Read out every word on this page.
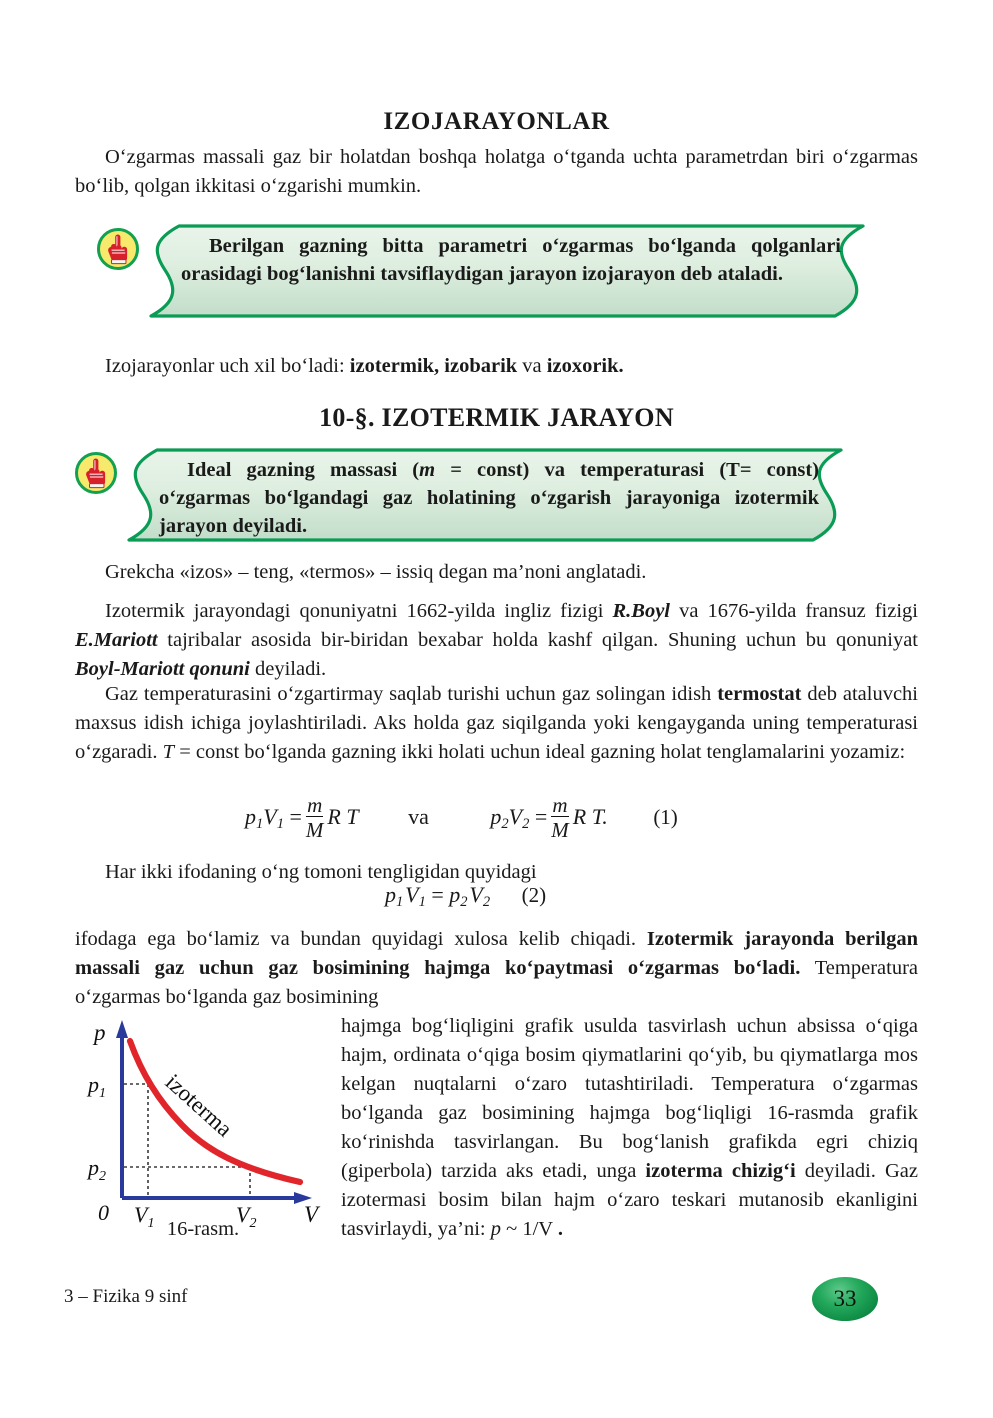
IZOJARAYONLAR
O‘zgarmas massali gaz bir holatdan boshqa holatga o‘tganda uchta parametrdan biri o‘zgarmas bo‘lib, qolgan ikkitasi o‘zgarishi mumkin.
Berilgan gazning bitta parametri o‘zgarmas bo‘lganda qolganlari orasidagi bog‘lanishni tavsiflaydigan jarayon izojarayon deb ataladi.
Izojarayonlar uch xil bo‘ladi: izotermik, izobarik va izoxorik.
10-§. IZOTERMIK JARAYON
Ideal gazning massasi (m = const) va temperaturasi (T= const) o‘zgarmas bo‘lgandagi gaz holatining o‘zgarish jarayoniga izotermik jarayon deyiladi.
Grekcha «izos» – teng, «termos» – issiq degan ma’noni anglatadi.
Izotermik jarayondagi qonuniyatni 1662-yilda ingliz fizigi R.Boyl va 1676-yilda fransuz fizigi E.Mariott tajribalar asosida bir-biridan bexabar holda kashf qilgan. Shuning uchun bu qonuniyat Boyl-Mariott qonuni deyiladi.
Gaz temperaturasini o‘zgartirmay saqlab turishi uchun gaz solingan idish termostat deb ataluvchi maxsus idish ichiga joylashtiriladi. Aks holda gaz siqilganda yoki kengayganda uning temperaturasi o‘zgaradi. T = const bo‘lganda gazning ikki holati uchun ideal gazning holat tenglamalarini yozamiz:
$p_1V_1 = \frac{m}{M}$ R T va	$p_2V_2 = \frac{m}{M}$ R T. (1)
Har ikki ifodaning o‘ng tomoni tengligidan quyidagi
$p_1$ $V_1 = p_2$ $V_2$ (2)
ifodaga ega bo‘lamiz va bundan quyidagi xulosa kelib chiqadi. Izotermik jarayonda berilgan massali gaz uchun gaz bosimining hajmga ko‘paytmasi o‘zgarmas bo‘ladi. Temperatura o‘zgarmas bo‘lganda gaz bosimining
hajmga bog‘liqligini grafik usulda tasvirlash uchun absissa o‘qiga hajm, ordinata o‘qiga bosim qiymatlarini qo‘yib, bu qiymatlarga mos kelgan nuqtalarni o‘zaro tutashtiriladi. Temperatura o‘zgarmas bo‘lganda gaz bosimining hajmga bog‘liqligi 16-rasmda grafik ko‘rinishda tasvirlangan. Bu bog‘lanish grafikda egri chiziq (giperbola) tarzida aks etadi, unga izoterma chizig‘i deyiladi. Gaz izotermasi bosim bilan hajm o‘zaro teskari mutanosib ekanligini tasvirlaydi, ya’ni: p ~ 1/V .
p
V
0
$p_1$
$p_2$
$V_1$	$V_2$
izoterma
16-rasm.
3 – Fizika 9 sinf	33
